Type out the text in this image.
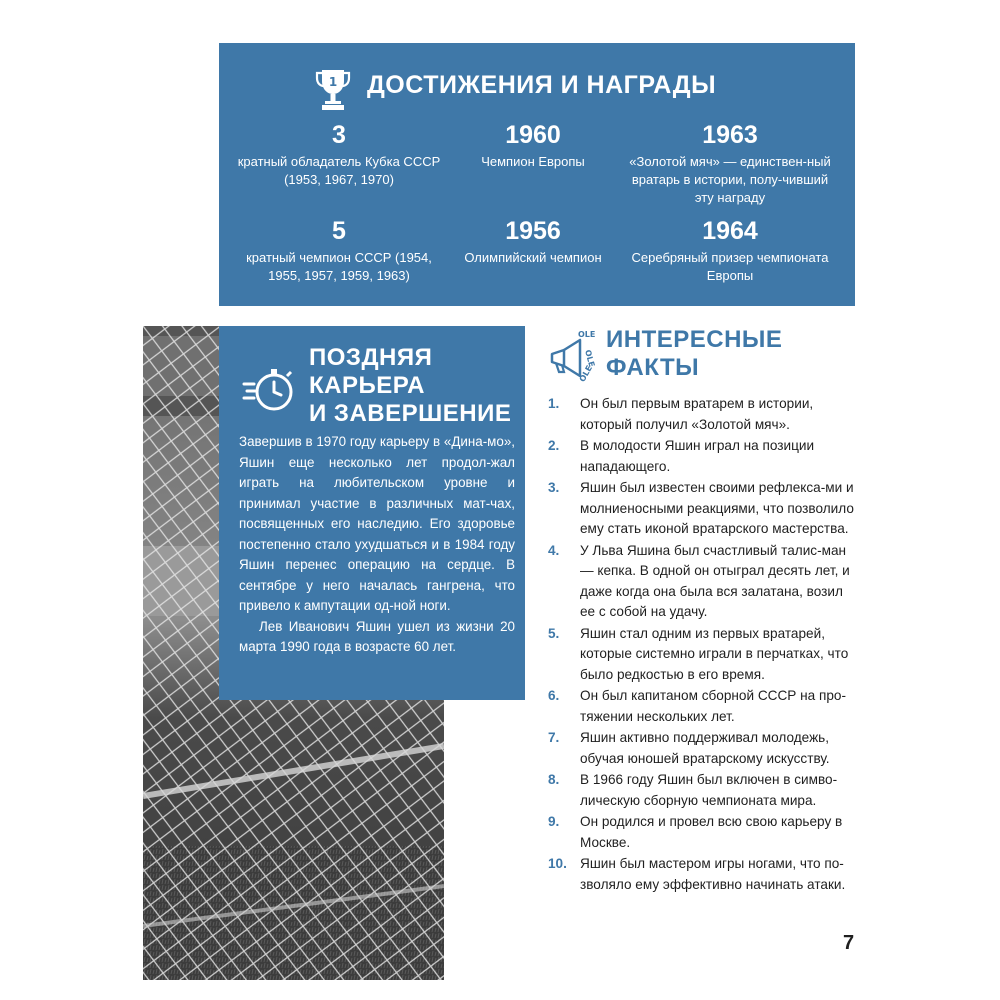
1 ДОСТИЖЕНИЯ И НАГРАДЫ
3
кратный обладатель Кубка СССР (1953, 1967, 1970)
1960
Чемпион Европы
1963
«Золотой мяч» — единствен-ный вратарь в истории, полу-чивший эту награду
5
кратный чемпион СССР (1954, 1955, 1957, 1959, 1963)
1956
Олимпийский чемпион
1964
Серебряный призер чемпионата Европы
ПОЗДНЯЯ
КАРЬЕРА
И ЗАВЕРШЕНИЕ

Завершив в 1970 году карьеру в «Дина-мо», Яшин еще несколько лет продол-жал играть на любительском уровне и принимал участие в различных мат-чах, посвященных его наследию. Его здоровье постепенно стало ухудшаться и в 1984 году Яшин перенес операцию на сердце. В сентябре у него началась гангрена, что привело к ампутации од-ной ноги.

Лев Иванович Яшин ушел из жизни 20 марта 1990 года в возрасте 60 лет.

OLE
OLE
OLE
ИНТЕРЕСНЫЕ
ФАКТЫ
1. Он был первым вратарем в истории, который получил «Золотой мяч».
2. В молодости Яшин играл на позиции нападающего.
3. Яшин был известен своими рефлекса-ми и молниеносными реакциями, что позволило ему стать иконой вратарского мастерства.
4. У Льва Яшина был счастливый талис-ман — кепка. В одной он отыграл десять лет, и даже когда она была вся залатана, возил ее с собой на удачу.
5. Яшин стал одним из первых вратарей, которые системно играли в перчатках, что было редкостью в его время.
6. Он был капитаном сборной СССР на про-тяжении нескольких лет.
7. Яшин активно поддерживал молодежь, обучая юношей вратарскому искусству.
8. В 1966 году Яшин был включен в симво-лическую сборную чемпионата мира.
9. Он родился и провел всю свою карьеру в Москве.
10. Яшин был мастером игры ногами, что по-зволяло ему эффективно начинать атаки.
7
